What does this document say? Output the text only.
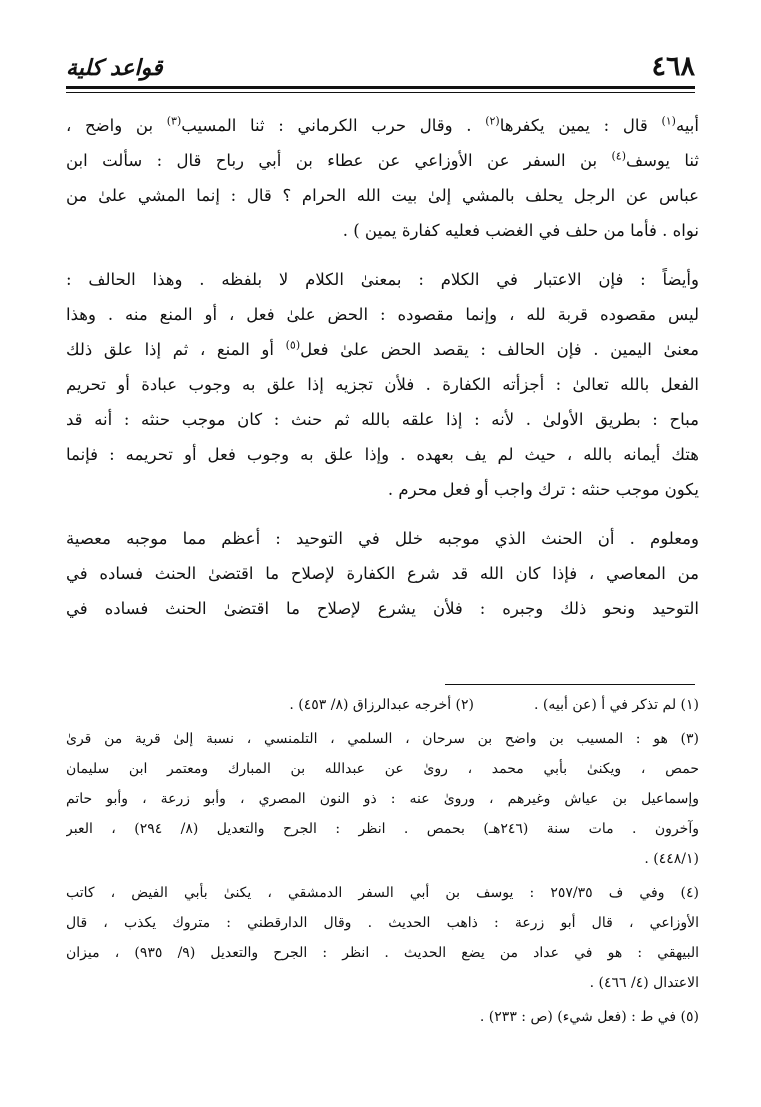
٤٦٨
قواعد كلية

أبيه$^{(١)}$ قال : يمين يكفرها$^{(٢)}$ . وقال حرب الكرماني : ثنا المسيب$^{(٣)}$ بن واضح ،
ثنا يوسف$^{(٤)}$ بن السفر عن الأوزاعي عن عطاء بن أبي رباح قال : سألت ابن
عباس عن الرجل يحلف بالمشي إلىٰ بيت الله الحرام ؟ قال : إنما المشي علىٰ من
نواه . فأما من حلف في الغضب فعليه كفارة يمين ) .

وأيضاً : فإن الاعتبار في الكلام : بمعنىٰ الكلام لا بلفظه . وهذا الحالف :
ليس مقصوده قربة لله ، وإنما مقصوده : الحض علىٰ فعل ، أو المنع منه . وهذا
معنىٰ اليمين . فإن الحالف : يقصد الحض علىٰ فعل$^{(٥)}$ أو المنع ، ثم إذا علق ذلك
الفعل بالله تعالىٰ : أجزأته الكفارة . فلأن تجزيه إذا علق به وجوب عبادة أو تحريم
مباح : بطريق الأولىٰ . لأنه : إذا علقه بالله ثم حنث : كان موجب حنثه : أنه قد
هتك أيمانه بالله ، حيث لم يف بعهده . وإذا علق به وجوب فعل أو تحريمه : فإنما
يكون موجب حنثه : ترك واجب أو فعل محرم .

ومعلوم . أن الحنث الذي موجبه خلل في التوحيد : أعظم مما موجبه معصية
من المعاصي ، فإذا كان الله قد شرع الكفارة لإصلاح ما اقتضىٰ الحنث فساده في
التوحيد ونحو ذلك وجبره : فلأن يشرع لإصلاح ما اقتضىٰ الحنث فساده في

(١) لم تذكر في أ (عن أبيه) .
(٢) أخرجه عبدالرزاق (٨/ ٤٥٣) .
(٣) هو : المسيب بن واضح بن سرحان ، السلمي ، التلمنسي ، نسبة إلىٰ قرية من قرىٰ
حمص ، ويكنىٰ بأبي محمد ، روىٰ عن عبدالله بن المبارك ومعتمر ابن سليمان
وإسماعيل بن عياش وغيرهم ، وروىٰ عنه : ذو النون المصري ، وأبو زرعة ، وأبو حاتم
وآخرون . مات سنة (٢٤٦هـ) بحمص . انظر : الجرح والتعديل (٨/ ٢٩٤) ، العبر
(٤٤٨/١) .
(٤) وفي ف ٢٥٧/٣٥ : يوسف بن أبي السفر الدمشقي ، يكنىٰ بأبي الفيض ، كاتب
الأوزاعي ، قال أبو زرعة : ذاهب الحديث . وقال الدارقطني : متروك يكذب ، قال
البيهقي : هو في عداد من يضع الحديث . انظر : الجرح والتعديل (٩/ ٩٣٥) ، ميزان
الاعتدال (٤/ ٤٦٦) .
(٥) في ط : (فعل شيء) (ص : ٢٣٣) .
